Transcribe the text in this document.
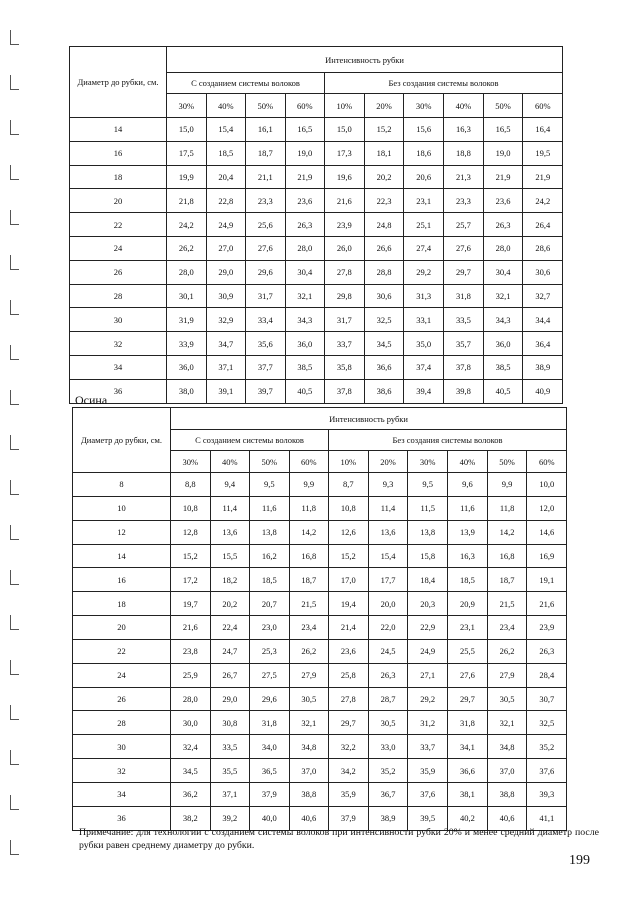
Диаметр до рубки, см.	Интенсивность рубки									
	С созданием системы волоков				Без создания системы волоков					
	30%	40%	50%	60%	10%	20%	30%	40%	50%	60%
14	15,0	15,4	16,1	16,5	15,0	15,2	15,6	16,3	16,5	16,4
16	17,5	18,5	18,7	19,0	17,3	18,1	18,6	18,8	19,0	19,5
18	19,9	20,4	21,1	21,9	19,6	20,2	20,6	21,3	21,9	21,9
20	21,8	22,8	23,3	23,6	21,6	22,3	23,1	23,3	23,6	24,2
22	24,2	24,9	25,6	26,3	23,9	24,8	25,1	25,7	26,3	26,4
24	26,2	27,0	27,6	28,0	26,0	26,6	27,4	27,6	28,0	28,6
26	28,0	29,0	29,6	30,4	27,8	28,8	29,2	29,7	30,4	30,6
28	30,1	30,9	31,7	32,1	29,8	30,6	31,3	31,8	32,1	32,7
30	31,9	32,9	33,4	34,3	31,7	32,5	33,1	33,5	34,3	34,4
32	33,9	34,7	35,6	36,0	33,7	34,5	35,0	35,7	36,0	36,4
34	36,0	37,1	37,7	38,5	35,8	36,6	37,4	37,8	38,5	38,9
36	38,0	39,1	39,7	40,5	37,8	38,6	39,4	39,8	40,5	40,9
Осина
Диаметр до рубки, см.	Интенсивность рубки									
	С созданием системы волоков				Без создания системы волоков					
	30%	40%	50%	60%	10%	20%	30%	40%	50%	60%
8	8,8	9,4	9,5	9,9	8,7	9,3	9,5	9,6	9,9	10,0
10	10,8	11,4	11,6	11,8	10,8	11,4	11,5	11,6	11,8	12,0
12	12,8	13,6	13,8	14,2	12,6	13,6	13,8	13,9	14,2	14,6
14	15,2	15,5	16,2	16,8	15,2	15,4	15,8	16,3	16,8	16,9
16	17,2	18,2	18,5	18,7	17,0	17,7	18,4	18,5	18,7	19,1
18	19,7	20,2	20,7	21,5	19,4	20,0	20,3	20,9	21,5	21,6
20	21,6	22,4	23,0	23,4	21,4	22,0	22,9	23,1	23,4	23,9
22	23,8	24,7	25,3	26,2	23,6	24,5	24,9	25,5	26,2	26,3
24	25,9	26,7	27,5	27,9	25,8	26,3	27,1	27,6	27,9	28,4
26	28,0	29,0	29,6	30,5	27,8	28,7	29,2	29,7	30,5	30,7
28	30,0	30,8	31,8	32,1	29,7	30,5	31,2	31,8	32,1	32,5
30	32,4	33,5	34,0	34,8	32,2	33,0	33,7	34,1	34,8	35,2
32	34,5	35,5	36,5	37,0	34,2	35,2	35,9	36,6	37,0	37,6
34	36,2	37,1	37,9	38,8	35,9	36,7	37,6	38,1	38,8	39,3
36	38,2	39,2	40,0	40,6	37,9	38,9	39,5	40,2	40,6	41,1
Примечание: для технологии с созданием системы волоков при интенсивности рубки 20% и менее средний диаметр после рубки равен среднему диаметру до рубки.
199
